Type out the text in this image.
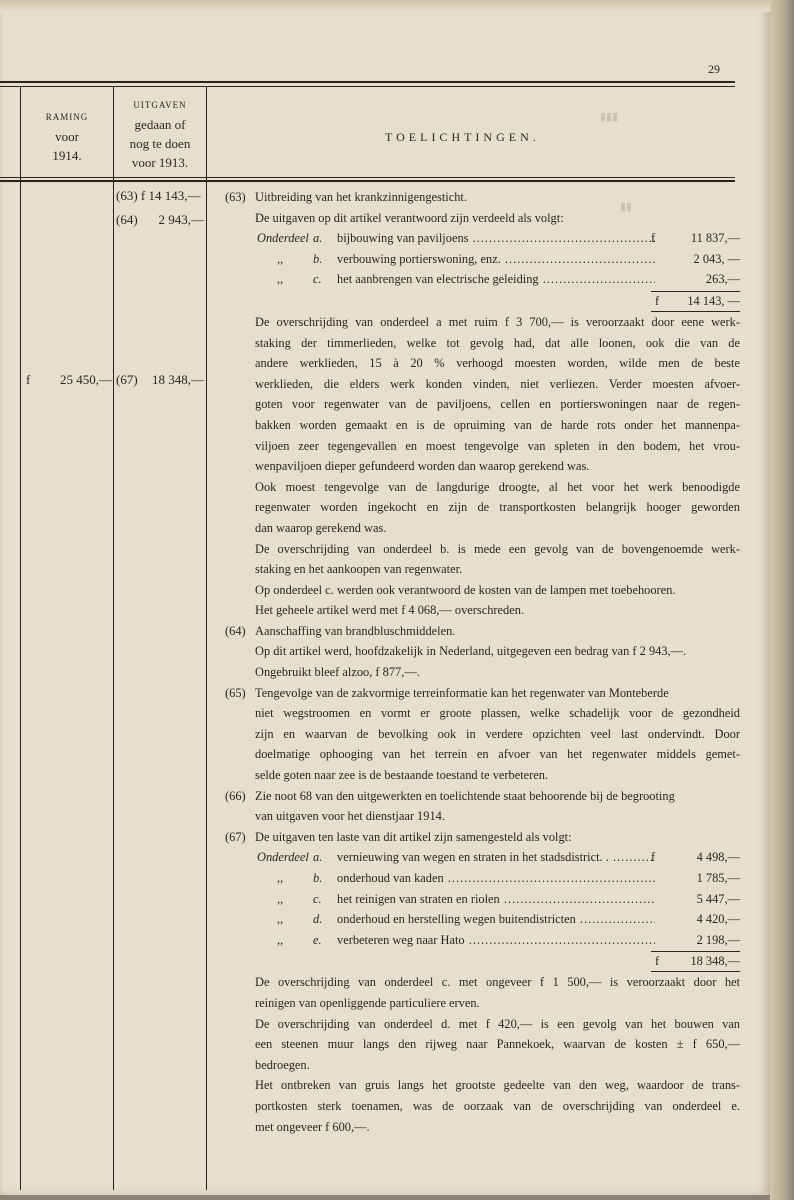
29
RAMING
voor
1914.
UITGAVEN
gedaan of
nog te doen
voor 1913.
TOELICHTINGEN.
▮▮▮
▮▮
(63) f 14 143,—
(64) 2 943,—
f 25 450,— (67) 18 348,—
(63) Uitbreiding van het krankzinnigengesticht.
De uitgaven op dit artikel verantwoord zijn verdeeld als volgt:
Onderdeel a. bijbouwing van paviljoens .....	f	11 837,—
,, b. verbouwing portierswoning, enz. .....	2 043, —
,, c. het aanbrengen van electrische geleiding .....	263,—
f 14 143, —
De overschrijding van onderdeel a met ruim f 3 700,— is veroorzaakt door eene werk-
staking der timmerlieden, welke tot gevolg had, dat alle loonen, ook die van de
andere werklieden, 15 à 20 % verhoogd moesten worden, wilde men de beste
werklieden, die elders werk konden vinden, niet verliezen. Verder moesten afvoer-
goten voor regenwater van de paviljoens, cellen en portierswoningen naar de regen-
bakken worden gemaakt en is de opruiming van de harde rots onder het mannenpa-
viljoen zeer tegengevallen en moest tengevolge van spleten in den bodem, het vrou-
wenpaviljoen dieper gefundeerd worden dan waarop gerekend was.
Ook moest tengevolge van de langdurige droogte, al het voor het werk benoodigde
regenwater worden ingekocht en zijn de transportkosten belangrijk hooger geworden
dan waarop gerekend was.
De overschrijding van onderdeel b. is mede een gevolg van de bovengenoemde werk-
staking en het aankoopen van regenwater.
Op onderdeel c. werden ook verantwoord de kosten van de lampen met toebehooren.
Het geheele artikel werd met f 4 068,— overschreden.
(64) Aanschaffing van brandbluschmiddelen.
Op dit artikel werd, hoofdzakelijk in Nederland, uitgegeven een bedrag van f 2 943,—.
Ongebruikt bleef alzoo, f 877,—.
(65) Tengevolge van de zakvormige terreinformatie kan het regenwater van Monteberde
niet wegstroomen en vormt er groote plassen, welke schadelijk voor de gezondheid
zijn en waarvan de bevolking ook in verdere opzichten veel last ondervindt. Door
doelmatige ophooging van het terrein en afvoer van het regenwater middels gemet-
selde goten naar zee is de bestaande toestand te verbeteren.
(66) Zie noot 68 van den uitgewerkten en toelichtende staat behoorende bij de begrooting
van uitgaven voor het dienstjaar 1914.
(67) De uitgaven ten laste van dit artikel zijn samengesteld als volgt:
Onderdeel a. vernieuwing van wegen en straten in het stadsdistrict. . .....	f	4 498,—
,, b. onderhoud van kaden .....	1 785,—
,, c. het reinigen van straten en riolen .....	5 447,—
,, d. onderhoud en herstelling wegen buitendistricten .....	4 420,—
,, e. verbeteren weg naar Hato .....	2 198,—
f	18 348,—
De overschrijding van onderdeel c. met ongeveer f 1 500,— is veroorzaakt door het
reinigen van openliggende particuliere erven.
De overschrijding van onderdeel d. met f 420,— is een gevolg van het bouwen van
een steenen muur langs den rijweg naar Pannekoek, waarvan de kosten ± f 650,—
bedroegen.
Het ontbreken van gruis langs het grootste gedeelte van den weg, waardoor de trans-
portkosten sterk toenamen, was de oorzaak van de overschrijding van onderdeel e.
met ongeveer f 600,—.
